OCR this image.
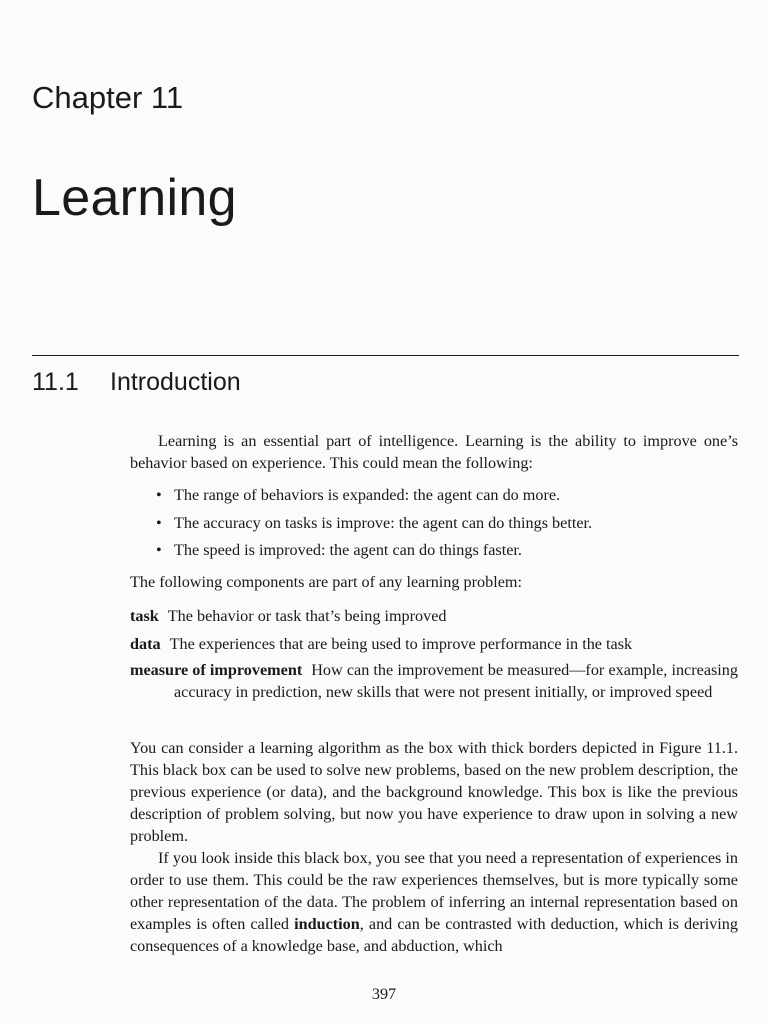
Chapter 11
Learning
11.1 Introduction

Learning is an essential part of intelligence. Learning is the ability to improve one’s behavior based on experience. This could mean the following:

• The range of behaviors is expanded: the agent can do more.
• The accuracy on tasks is improve: the agent can do things better.
• The speed is improved: the agent can do things faster.

The following components are part of any learning problem:

task The behavior or task that’s being improved

data The experiences that are being used to improve performance in the task

measure of improvement How can the improvement be measured—for example, increasing accuracy in prediction, new skills that were not present initially, or improved speed

You can consider a learning algorithm as the box with thick borders depicted in Figure 11.1. This black box can be used to solve new problems, based on the new problem description, the previous experience (or data), and the background knowledge. This box is like the previous description of problem solving, but now you have experience to draw upon in solving a new problem.

If you look inside this black box, you see that you need a representation of experiences in order to use them. This could be the raw experiences themselves, but is more typically some other representation of the data. The problem of inferring an internal representation based on examples is often called induction, and can be contrasted with deduction, which is deriving consequences of a knowledge base, and abduction, which

397
